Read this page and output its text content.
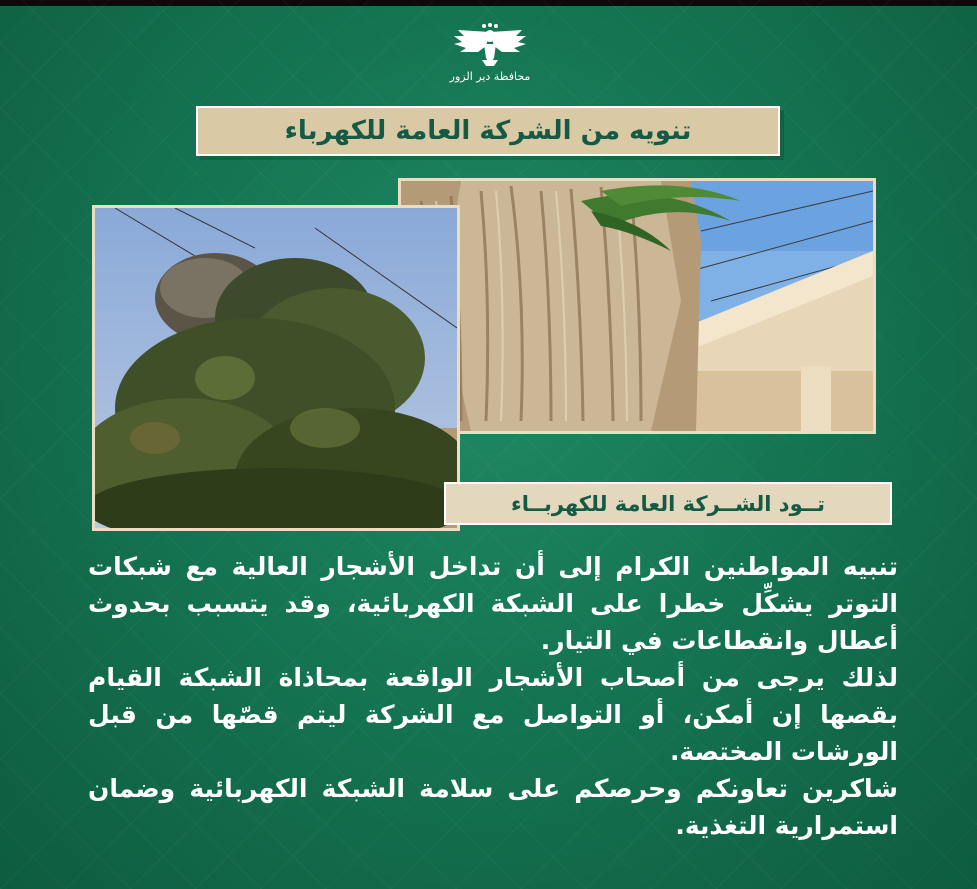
محافظة دير الزور
تنويه من الشركة العامة للكهرباء
تــود الشــركة العامة للكهربــاء

تنبيه المواطنين الكرام إلى أن تداخل الأشجار العالية مع شبكات التوتر يشكِّل خطرا على الشبكة الكهربائية، وقد يتسبب بحدوث أعطال وانقطاعات في التيار.

لذلك يرجى من أصحاب الأشجار الواقعة بمحاذاة الشبكة القيام بقصها إن أمكن، أو التواصل مع الشركة ليتم قصّها من قبل الورشات المختصة.

شاكرين تعاونكم وحرصكم على سلامة الشبكة الكهربائية وضمان استمرارية التغذية.
